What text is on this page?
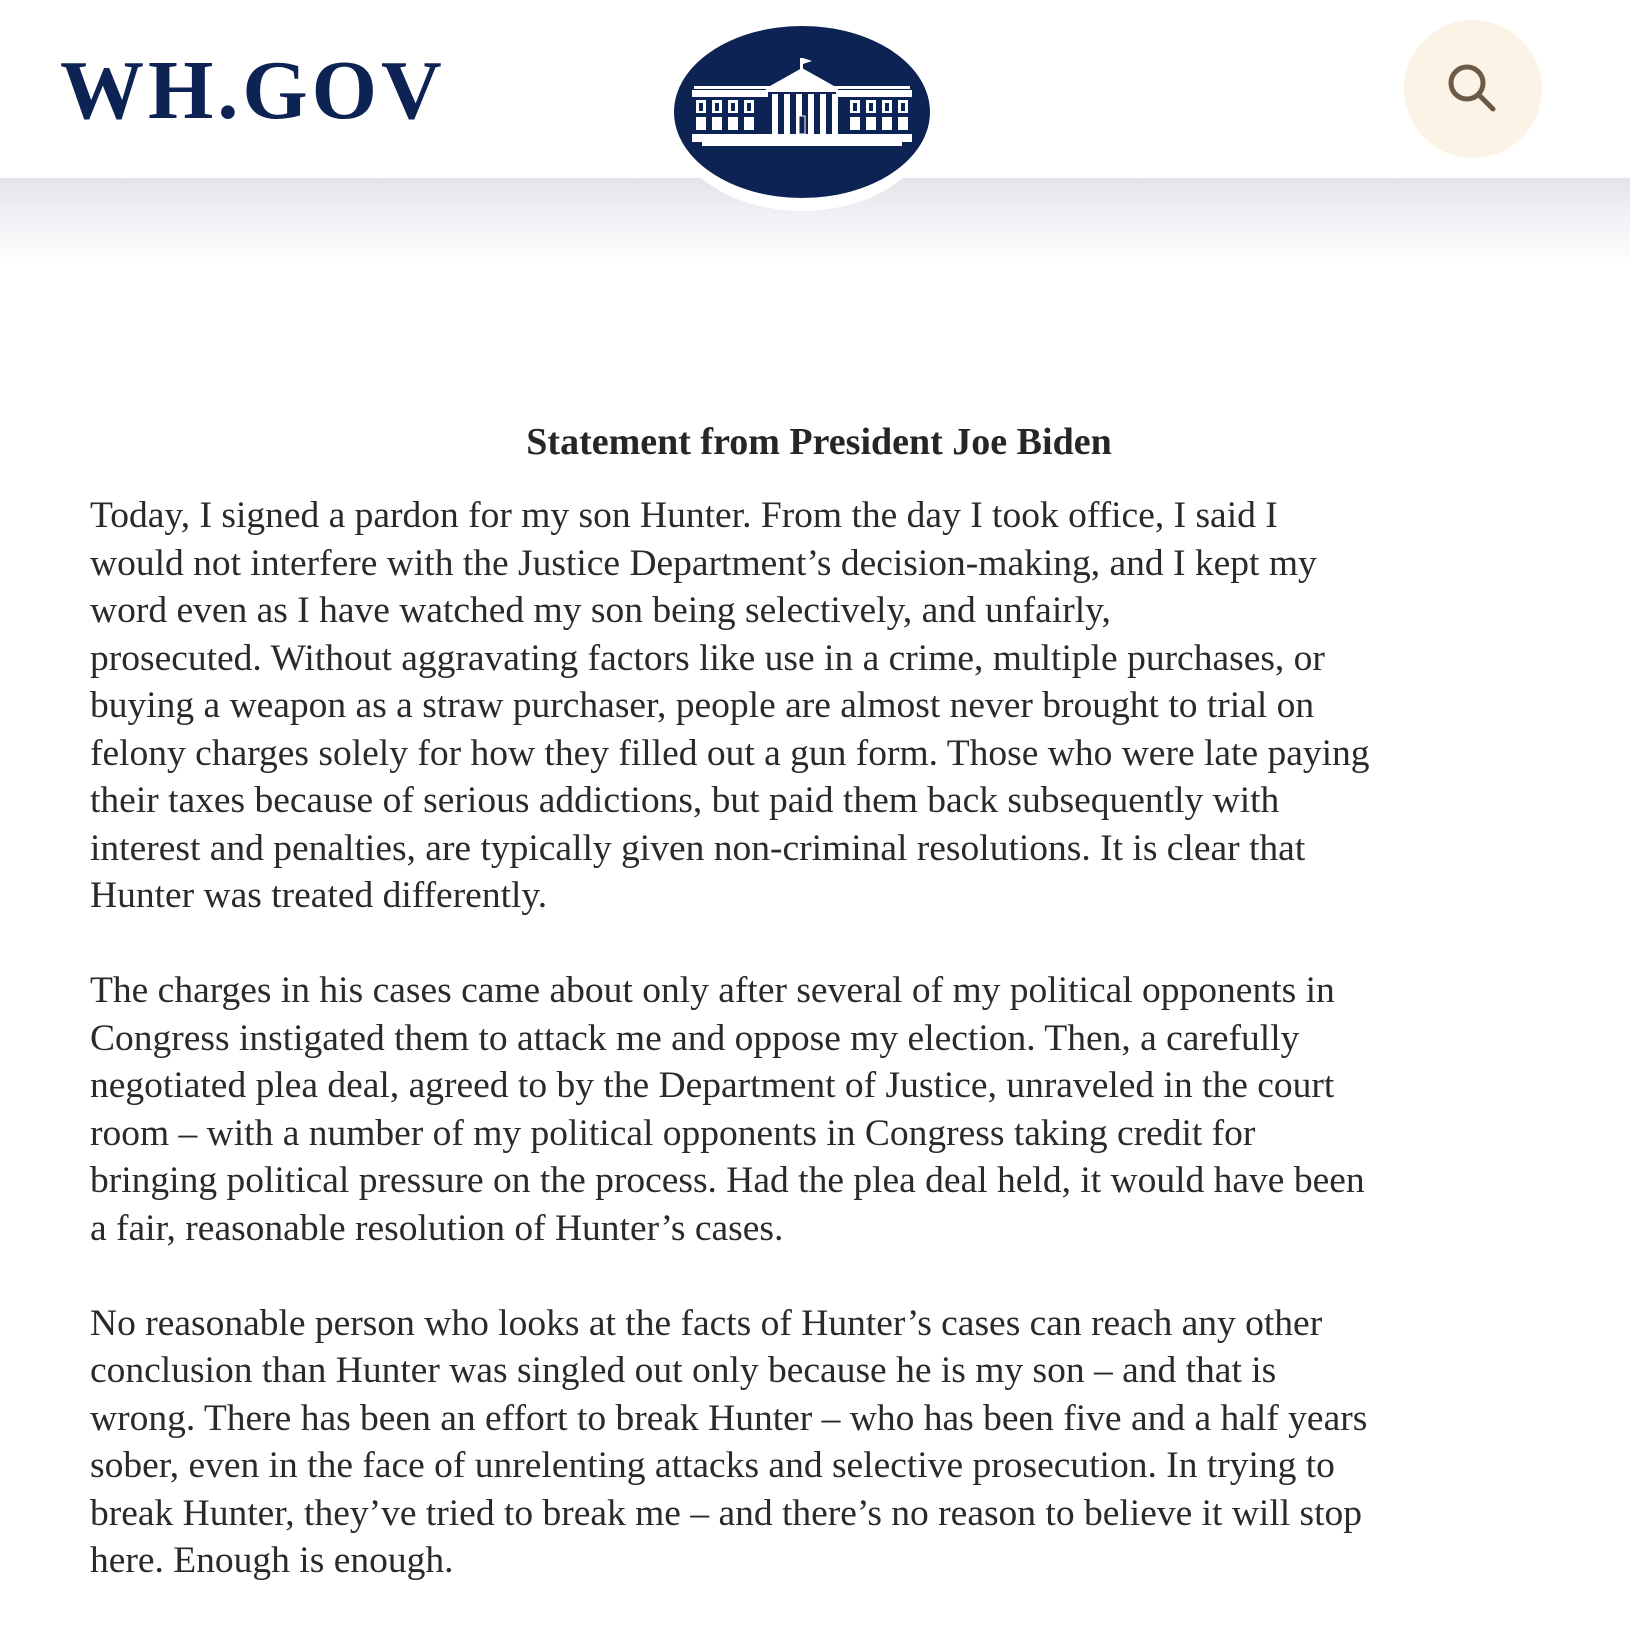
WH.GOV
Statement from President Joe Biden

Today, I signed a pardon for my son Hunter. From the day I took office, I said I
would not interfere with the Justice Department’s decision-making, and I kept my
word even as I have watched my son being selectively, and unfairly,
prosecuted. Without aggravating factors like use in a crime, multiple purchases, or
buying a weapon as a straw purchaser, people are almost never brought to trial on
felony charges solely for how they filled out a gun form. Those who were late paying
their taxes because of serious addictions, but paid them back subsequently with
interest and penalties, are typically given non-criminal resolutions. It is clear that
Hunter was treated differently.

The charges in his cases came about only after several of my political opponents in
Congress instigated them to attack me and oppose my election. Then, a carefully
negotiated plea deal, agreed to by the Department of Justice, unraveled in the court
room – with a number of my political opponents in Congress taking credit for
bringing political pressure on the process. Had the plea deal held, it would have been
a fair, reasonable resolution of Hunter’s cases.

No reasonable person who looks at the facts of Hunter’s cases can reach any other
conclusion than Hunter was singled out only because he is my son – and that is
wrong. There has been an effort to break Hunter – who has been five and a half years
sober, even in the face of unrelenting attacks and selective prosecution. In trying to
break Hunter, they’ve tried to break me – and there’s no reason to believe it will stop
here. Enough is enough.
